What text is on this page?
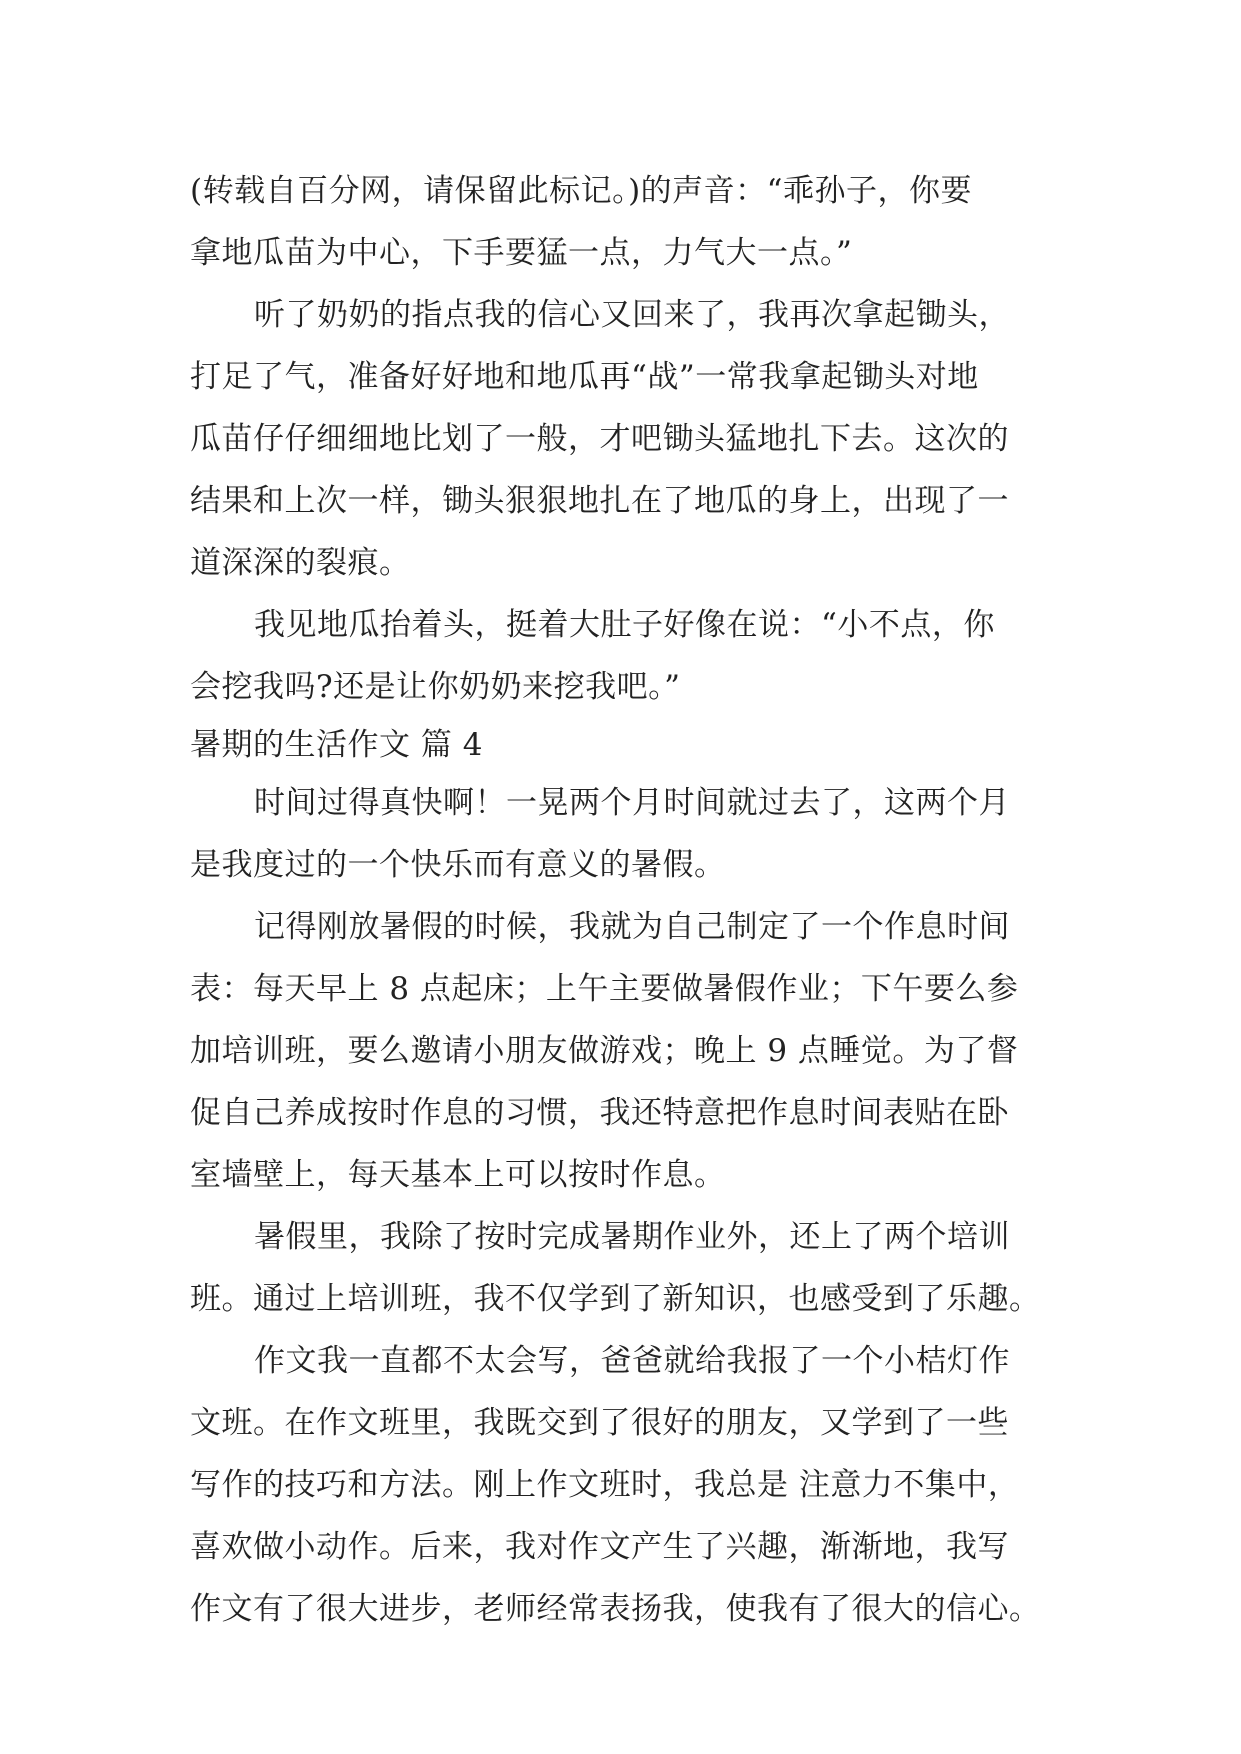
(转载自百分网，请保留此标记。)的声音：“乖孙子，你要
拿地瓜苗为中心，下手要猛一点，力气大一点。”
听了奶奶的指点我的信心又回来了，我再次拿起锄头，
打足了气，准备好好地和地瓜再“战”一常我拿起锄头对地
瓜苗仔仔细细地比划了一般，才吧锄头猛地扎下去。这次的
结果和上次一样，锄头狠狠地扎在了地瓜的身上，出现了一
道深深的裂痕。
我见地瓜抬着头，挺着大肚子好像在说：“小不点，你
会挖我吗?还是让你奶奶来挖我吧。”
暑期的生活作文 篇 4
时间过得真快啊！一晃两个月时间就过去了，这两个月
是我度过的一个快乐而有意义的暑假。
记得刚放暑假的时候，我就为自己制定了一个作息时间
表：每天早上 8 点起床；上午主要做暑假作业；下午要么参
加培训班，要么邀请小朋友做游戏；晚上 9 点睡觉。为了督
促自己养成按时作息的习惯，我还特意把作息时间表贴在卧
室墙壁上，每天基本上可以按时作息。
暑假里，我除了按时完成暑期作业外，还上了两个培训
班。通过上培训班，我不仅学到了新知识，也感受到了乐趣。
作文我一直都不太会写，爸爸就给我报了一个小桔灯作
文班。在作文班里，我既交到了很好的朋友，又学到了一些
写作的技巧和方法。刚上作文班时，我总是 注意力不集中，
喜欢做小动作。后来，我对作文产生了兴趣，渐渐地，我写
作文有了很大进步，老师经常表扬我，使我有了很大的信心。
